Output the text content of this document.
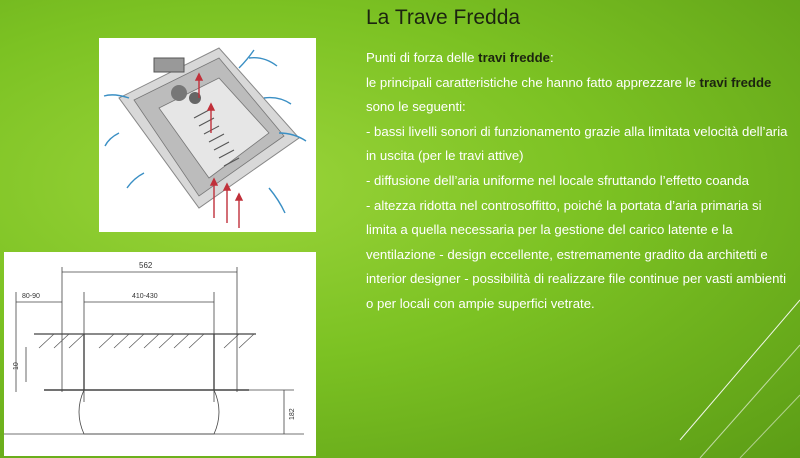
La Trave Fredda

Punti di forza delle travi fredde:

le principali caratteristiche che hanno fatto apprezzare le travi fredde sono le seguenti:

- bassi livelli sonori di funzionamento grazie alla limitata velocità dell’aria in uscita (per le travi attive)

- diffusione dell’aria uniforme nel locale sfruttando l’effetto coanda

- altezza ridotta nel controsoffitto, poiché la portata d’aria primaria si limita a quella necessaria per la gestione del carico latente e la ventilazione - design eccellente, estremamente gradito da architetti e interior designer - possibilità di realizzare file continue per vasti ambienti o per locali con ampie superfici vetrate.

562
80-90	410-430
10
182
